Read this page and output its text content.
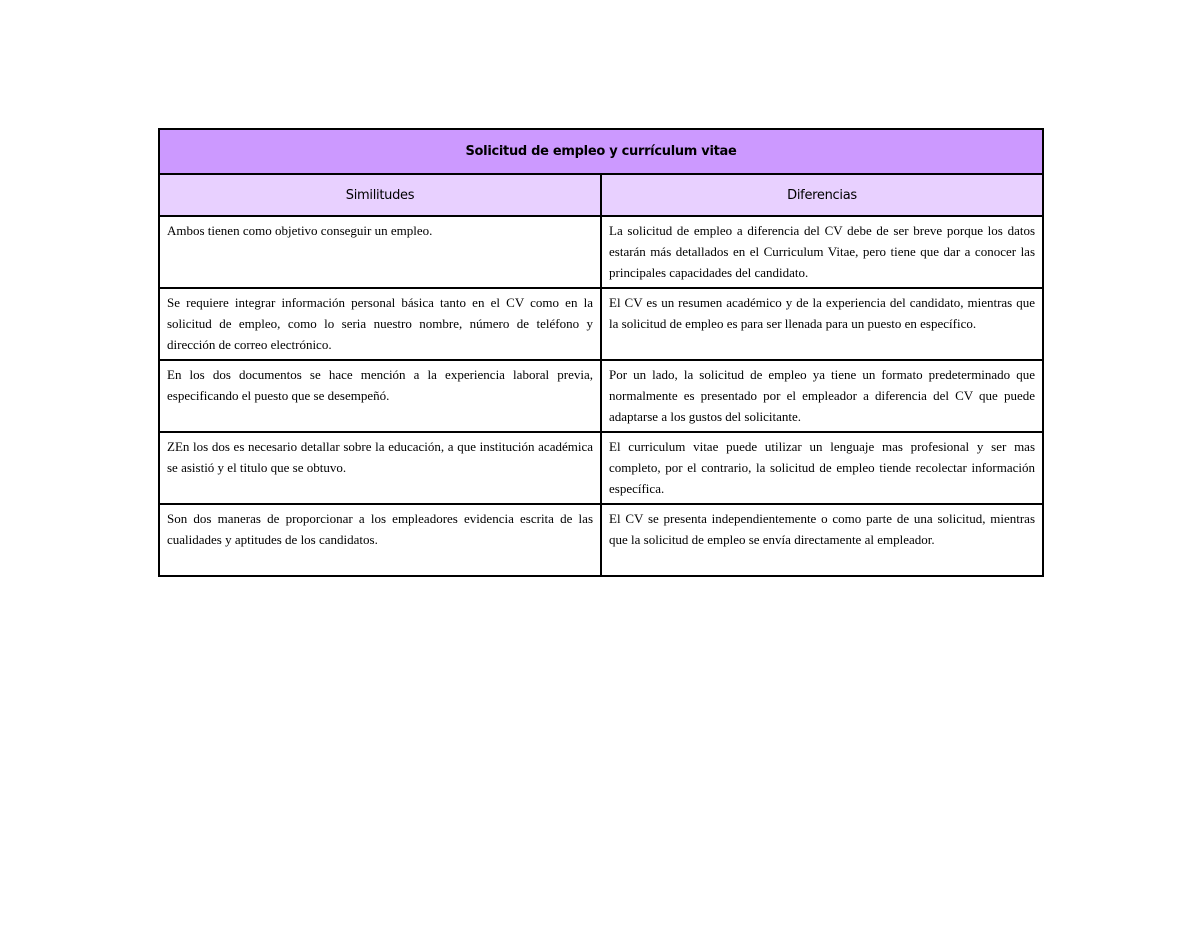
Solicitud de empleo y currículum vitae	
Similitudes	Diferencias
Ambos tienen como objetivo conseguir un empleo.	La solicitud de empleo a diferencia del CV debe de ser breve porque los datos estarán más detallados en el Curriculum Vitae, pero tiene que dar a conocer las principales capacidades del candidato.
Se requiere integrar información personal básica tanto en el CV como en la solicitud de empleo, como lo seria nuestro nombre, número de teléfono y dirección de correo electrónico.	El CV es un resumen académico y de la experiencia del candidato, mientras que la solicitud de empleo es para ser llenada para un puesto en específico.
En los dos documentos se hace mención a la experiencia laboral previa, especificando el puesto que se desempeñó.	Por un lado, la solicitud de empleo ya tiene un formato predeterminado que normalmente es presentado por el empleador a diferencia del CV que puede adaptarse a los gustos del solicitante.
ZEn los dos es necesario detallar sobre la educación, a que institución académica se asistió y el titulo que se obtuvo.	El curriculum vitae puede utilizar un lenguaje mas profesional y ser mas completo, por el contrario, la solicitud de empleo tiende recolectar información específica.
Son dos maneras de proporcionar a los empleadores evidencia escrita de las cualidades y aptitudes de los candidatos.	El CV se presenta independientemente o como parte de una solicitud, mientras que la solicitud de empleo se envía directamente al empleador.
